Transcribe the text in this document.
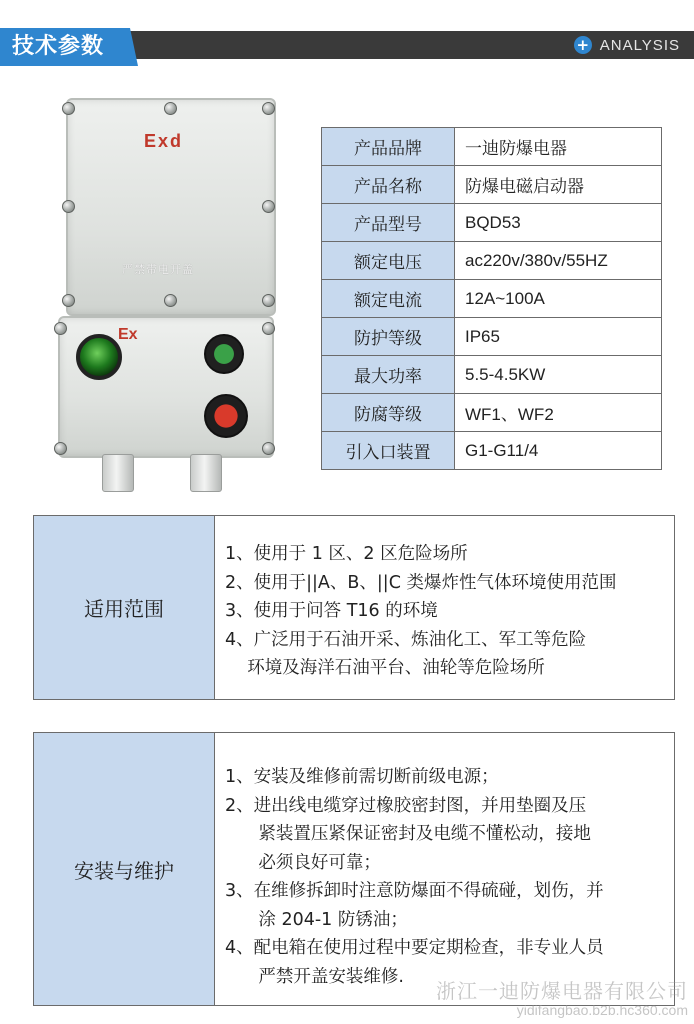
技术参数	+ ANALYSIS
Exd
严禁带电开盖
Ex
产品品牌	一迪防爆电器
产品名称	防爆电磁启动器
产品型号	BQD53
额定电压	ac220v/380v/55HZ
额定电流	12A~100A
防护等级	IP65
最大功率	5.5-4.5KW
防腐等级	WF1、WF2
引入口装置	G1-G11/4
适用范围
1、使用于 1 区、2 区危险场所
2、使用于||A、B、||C 类爆炸性气体环境使用范围
3、使用于问答 T16 的环境
4、广泛用于石油开采、炼油化工、军工等危险
环境及海洋石油平台、油轮等危险场所
安装与维护
1、安装及维修前需切断前级电源；
2、进出线电缆穿过橡胶密封图，并用垫圈及压
紧装置压紧保证密封及电缆不懂松动，接地
必须良好可靠；
3、在维修拆卸时注意防爆面不得硫碰，划伤，并
涂 204-1 防锈油；
4、配电箱在使用过程中要定期检查，非专业人员
严禁开盖安装维修.
浙江一迪防爆电器有限公司
yidifangbao.b2b.hc360.com
